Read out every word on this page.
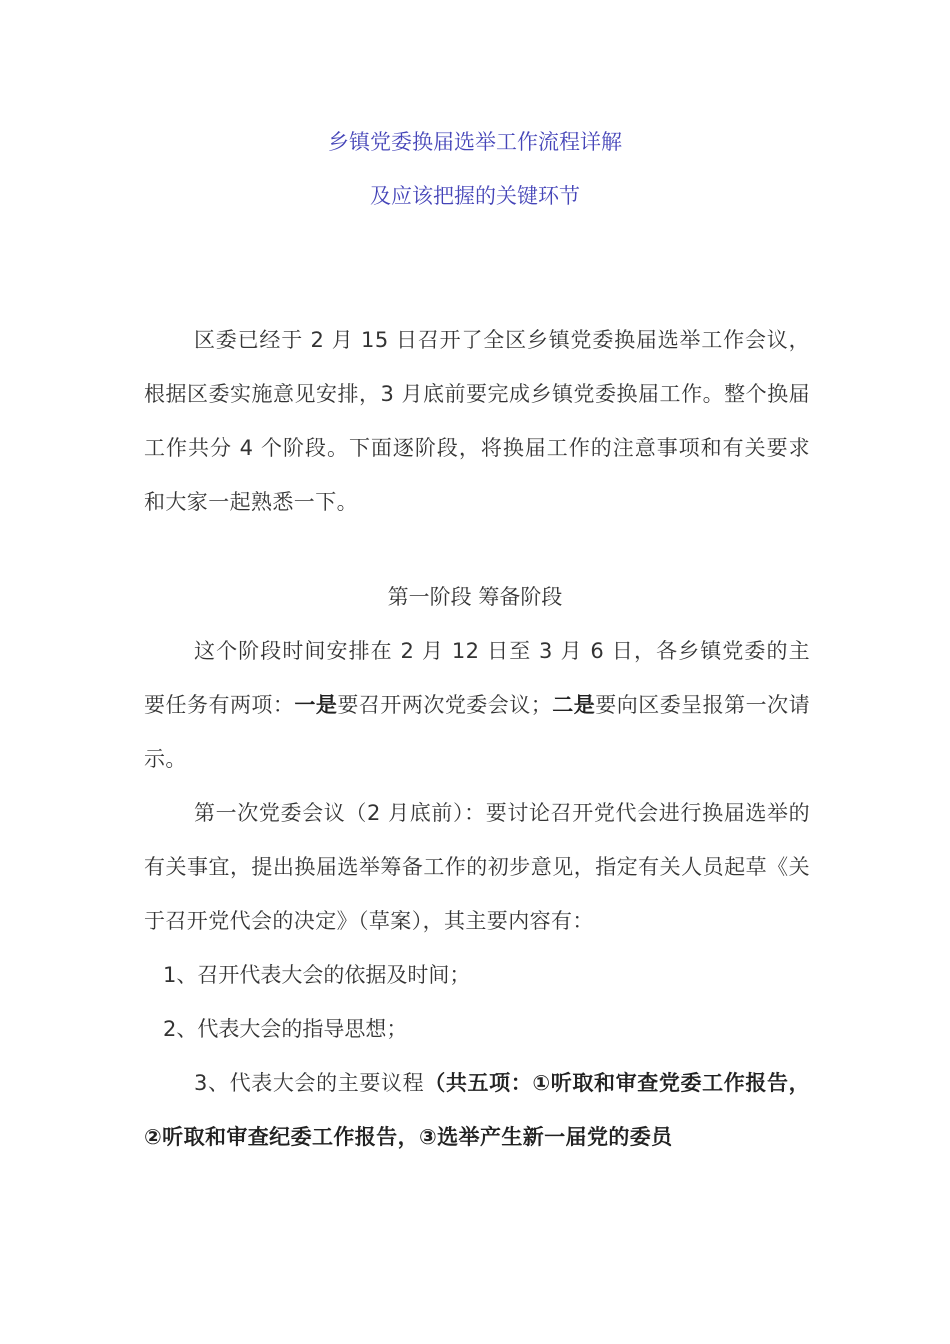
乡镇党委换届选举工作流程详解
及应该把握的关键环节
区委已经于 2 月 15 日召开了全区乡镇党委换届选举工作会议，根据区委实施意见安排，3 月底前要完成乡镇党委换届工作。整个换届工作共分 4 个阶段。下面逐阶段，将换届工作的注意事项和有关要求和大家一起熟悉一下。
第一阶段 筹备阶段
这个阶段时间安排在 2 月 12 日至 3 月 6 日，各乡镇党委的主要任务有两项：一是要召开两次党委会议；二是要向区委呈报第一次请示。
第一次党委会议（2 月底前）：要讨论召开党代会进行换届选举的有关事宜，提出换届选举筹备工作的初步意见，指定有关人员起草《关于召开党代会的决定》（草案），其主要内容有：
1、召开代表大会的依据及时间；
2、代表大会的指导思想；
3、代表大会的主要议程（共五项：①听取和审查党委工作报告，②听取和审查纪委工作报告，③选举产生新一届党的委员
